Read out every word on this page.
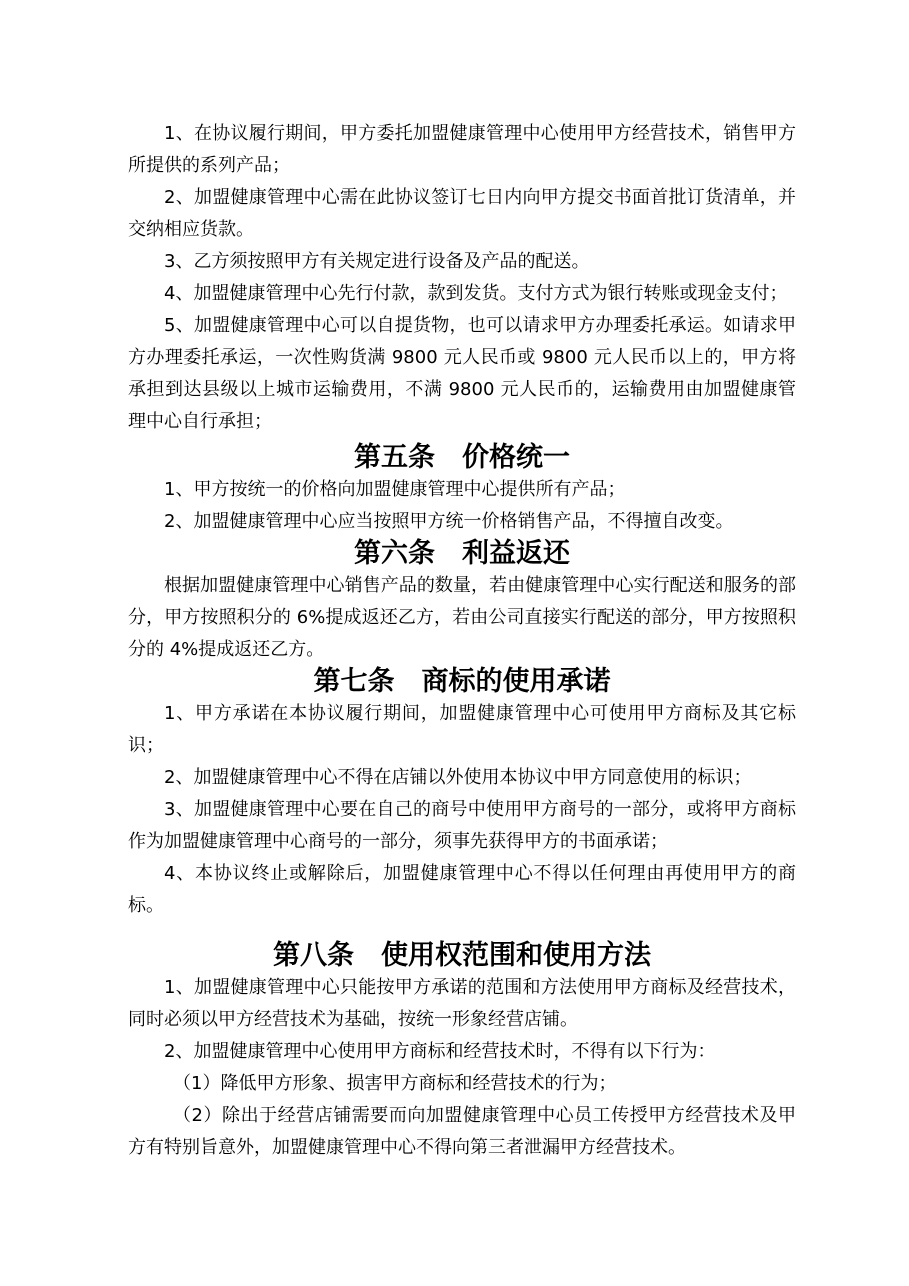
1、在协议履行期间，甲方委托加盟健康管理中心使用甲方经营技术，销售甲方所提供的系列产品；

2、加盟健康管理中心需在此协议签订七日内向甲方提交书面首批订货清单，并交纳相应货款。

3、乙方须按照甲方有关规定进行设备及产品的配送。

4、加盟健康管理中心先行付款，款到发货。支付方式为银行转账或现金支付；

5、加盟健康管理中心可以自提货物，也可以请求甲方办理委托承运。如请求甲方办理委托承运，一次性购货满 9800 元人民币或 9800 元人民币以上的，甲方将承担到达县级以上城市运输费用，不满 9800 元人民币的，运输费用由加盟健康管理中心自行承担；

第五条　价格统一

1、甲方按统一的价格向加盟健康管理中心提供所有产品；

2、加盟健康管理中心应当按照甲方统一价格销售产品，不得擅自改变。

第六条　利益返还

根据加盟健康管理中心销售产品的数量，若由健康管理中心实行配送和服务的部分，甲方按照积分的 6%提成返还乙方，若由公司直接实行配送的部分，甲方按照积分的 4%提成返还乙方。

第七条　商标的使用承诺

1、甲方承诺在本协议履行期间，加盟健康管理中心可使用甲方商标及其它标识；

2、加盟健康管理中心不得在店铺以外使用本协议中甲方同意使用的标识；

3、加盟健康管理中心要在自己的商号中使用甲方商号的一部分，或将甲方商标作为加盟健康管理中心商号的一部分，须事先获得甲方的书面承诺；

4、本协议终止或解除后，加盟健康管理中心不得以任何理由再使用甲方的商标。

第八条　使用权范围和使用方法

1、加盟健康管理中心只能按甲方承诺的范围和方法使用甲方商标及经营技术，同时必须以甲方经营技术为基础，按统一形象经营店铺。

2、加盟健康管理中心使用甲方商标和经营技术时，不得有以下行为：

（1）降低甲方形象、损害甲方商标和经营技术的行为；

（2）除出于经营店铺需要而向加盟健康管理中心员工传授甲方经营技术及甲方有特别旨意外，加盟健康管理中心不得向第三者泄漏甲方经营技术。
